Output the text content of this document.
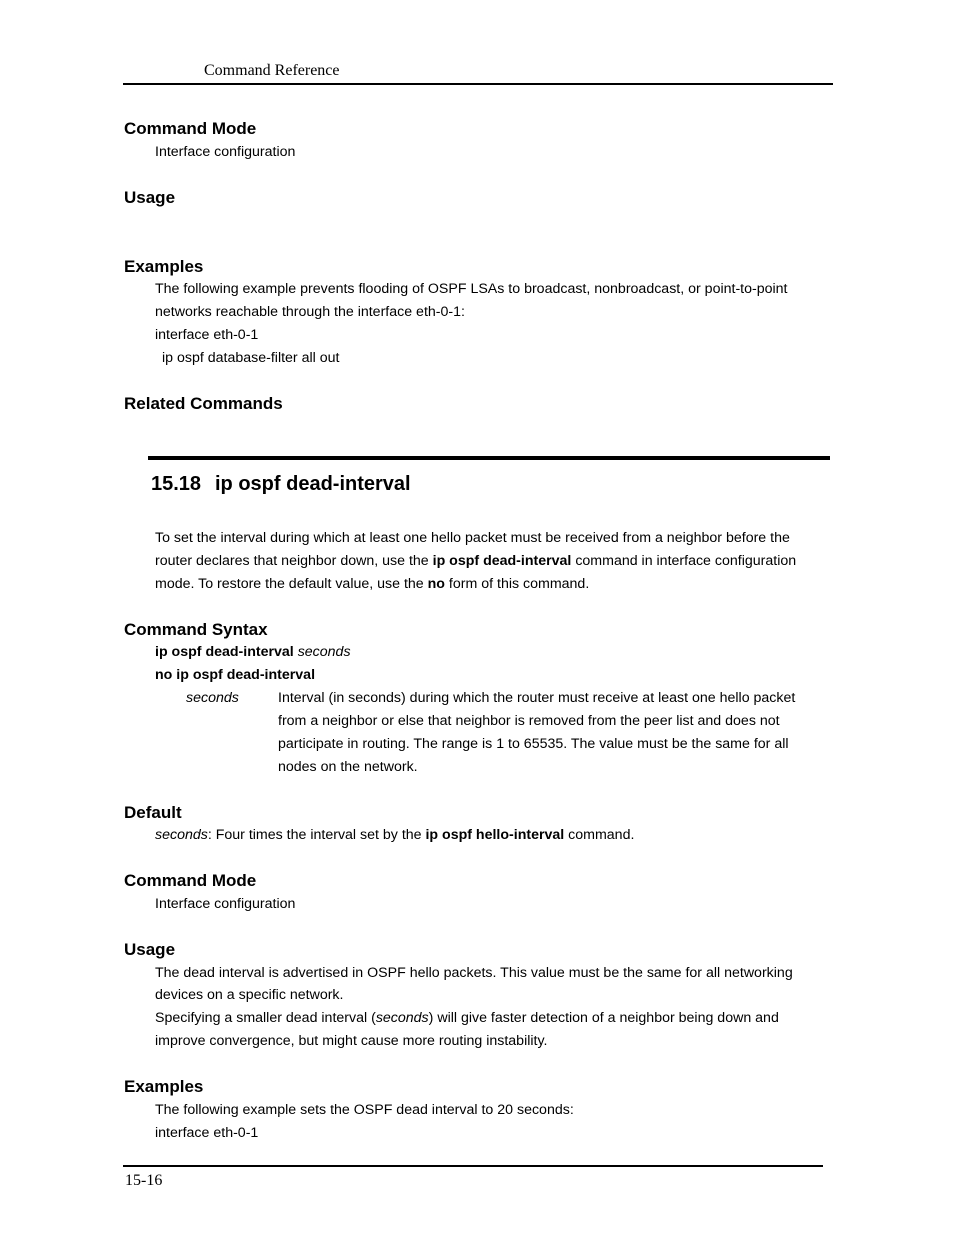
Command Reference
Command Mode
Interface configuration
Usage
Examples
The following example prevents flooding of OSPF LSAs to broadcast, nonbroadcast, or point-to-point
networks reachable through the interface eth-0-1:
interface eth-0-1
ip ospf database-filter all out
Related Commands
15.18 ip ospf dead-interval
To set the interval during which at least one hello packet must be received from a neighbor before the
router declares that neighbor down, use the ip ospf dead-interval command in interface configuration
mode. To restore the default value, use the no form of this command.
Command Syntax
ip ospf dead-interval seconds
no ip ospf dead-interval
seconds	Interval (in seconds) during which the router must receive at least one hello packet
from a neighbor or else that neighbor is removed from the peer list and does not
participate in routing. The range is 1 to 65535. The value must be the same for all
nodes on the network.
Default
seconds: Four times the interval set by the ip ospf hello-interval command.
Command Mode
Interface configuration
Usage
The dead interval is advertised in OSPF hello packets. This value must be the same for all networking
devices on a specific network.
Specifying a smaller dead interval (seconds) will give faster detection of a neighbor being down and
improve convergence, but might cause more routing instability.
Examples
The following example sets the OSPF dead interval to 20 seconds:
interface eth-0-1
15-16
